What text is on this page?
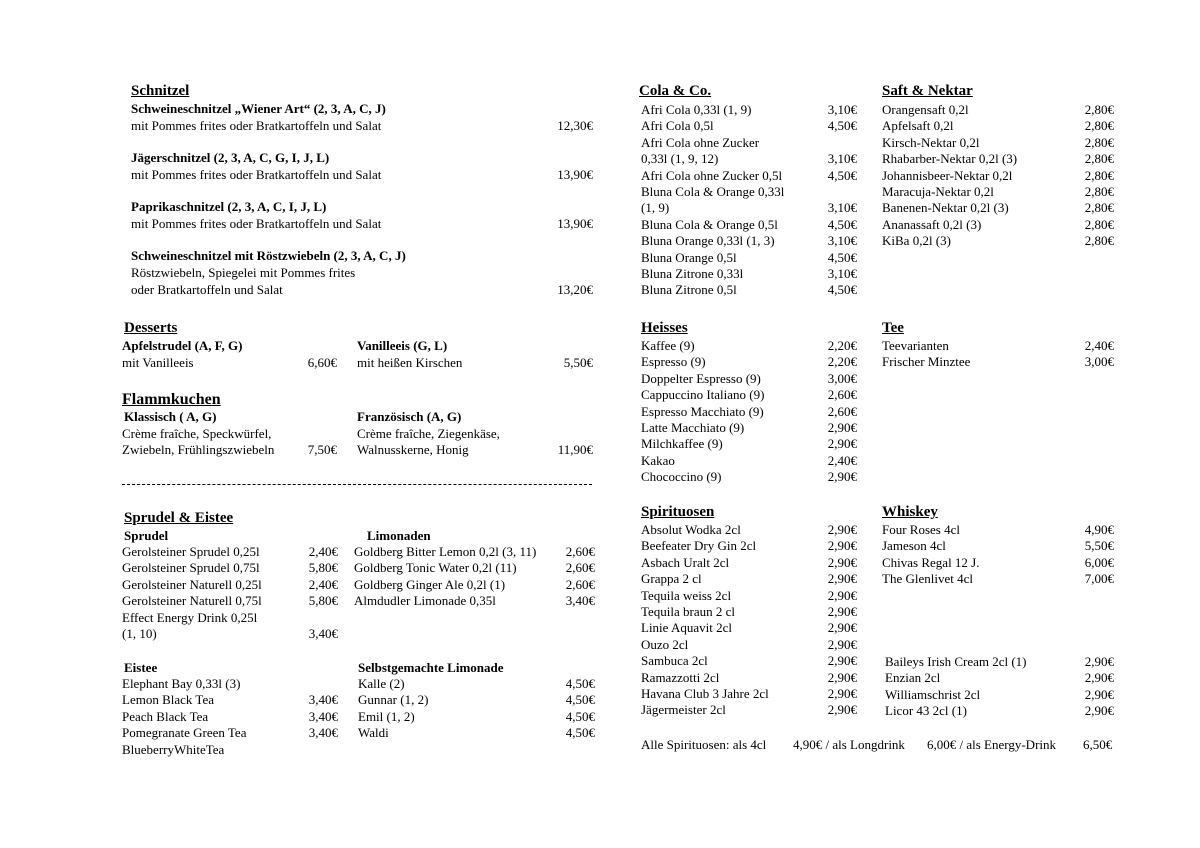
Schnitzel
Schweineschnitzel „Wiener Art“ (2, 3, A, C, J)
mit Pommes frites oder Bratkartoffeln und Salat	12,30€
Jägerschnitzel (2, 3, A, C, G, I, J, L)
mit Pommes frites oder Bratkartoffeln und Salat	13,90€
Paprikaschnitzel (2, 3, A, C, I, J, L)
mit Pommes frites oder Bratkartoffeln und Salat	13,90€
Schweineschnitzel mit Röstzwiebeln (2, 3, A, C, J)
Röstzwiebeln, Spiegelei mit Pommes frites
oder Bratkartoffeln und Salat	13,20€
Desserts
Apfelstrudel (A, F, G)
mit Vanilleeis	6,60€
Vanilleeis (G, L)
mit heißen Kirschen	5,50€
Flammkuchen
Klassisch ( A, G)
Crème fraîche, Speckwürfel,
Zwiebeln, Frühlingszwiebeln	7,50€
Französisch (A, G)
Crème fraîche, Ziegenkäse,
Walnusskerne, Honig	11,90€
Sprudel & Eistee
Sprudel	Limonaden
Gerolsteiner Sprudel 0,25l	2,40€
Gerolsteiner Sprudel 0,75l	5,80€
Gerolsteiner Naturell 0,25l	2,40€
Gerolsteiner Naturell 0,75l	5,80€
Effect Energy Drink 0,25l
(1, 10)	3,40€
Goldberg Bitter Lemon 0,2l (3, 11) 2,60€
Goldberg Tonic Water 0,2l (11)	2,60€
Goldberg Ginger Ale 0,2l (1)	2,60€
Almdudler Limonade 0,35l	3,40€
Eistee	Selbstgemachte Limonade
Elephant Bay 0,33l (3)
Lemon Black Tea	3,40€
Peach Black Tea	3,40€
Pomegranate Green Tea	3,40€
BlueberryWhiteTea
Kalle (2)	4,50€
Gunnar (1, 2)	4,50€
Emil (1, 2)	4,50€
Waldi	4,50€
Cola & Co.
Afri Cola 0,33l (1, 9)	3,10€
Afri Cola 0,5l	4,50€
Afri Cola ohne Zucker
0,33l (1, 9, 12)	3,10€
Afri Cola ohne Zucker 0,5l	4,50€
Bluna Cola & Orange 0,33l
(1, 9)	3,10€
Bluna Cola & Orange 0,5l	4,50€
Bluna Orange 0,33l (1, 3)	3,10€
Bluna Orange 0,5l	4,50€
Bluna Zitrone 0,33l	3,10€
Bluna Zitrone 0,5l	4,50€
Saft & Nektar
Orangensaft 0,2l	2,80€
Apfelsaft 0,2l	2,80€
Kirsch-Nektar 0,2l	2,80€
Rhabarber-Nektar 0,2l (3)	2,80€
Johannisbeer-Nektar 0,2l	2,80€
Maracuja-Nektar 0,2l	2,80€
Banenen-Nektar 0,2l (3)	2,80€
Ananassaft 0,2l (3)	2,80€
KiBa 0,2l (3)	2,80€
Heisses
Kaffee (9)	2,20€
Espresso (9)	2,20€
Doppelter Espresso (9)	3,00€
Cappuccino Italiano (9)	2,60€
Espresso Macchiato (9)	2,60€
Latte Macchiato (9)	2,90€
Milchkaffee (9)	2,90€
Kakao	2,40€
Chococcino (9)	2,90€
Tee
Teevarianten	2,40€
Frischer Minztee	3,00€
Spirituosen
Absolut Wodka 2cl	2,90€
Beefeater Dry Gin 2cl	2,90€
Asbach Uralt 2cl	2,90€
Grappa 2 cl	2,90€
Tequila weiss 2cl	2,90€
Tequila braun 2 cl	2,90€
Linie Aquavit 2cl	2,90€
Ouzo 2cl	2,90€
Sambuca 2cl	2,90€
Ramazzotti 2cl	2,90€
Havana Club 3 Jahre 2cl	2,90€
Jägermeister 2cl	2,90€
Whiskey
Four Roses 4cl	4,90€
Jameson 4cl	5,50€
Chivas Regal 12 J.	6,00€
The Glenlivet 4cl	7,00€
Baileys Irish Cream 2cl (1)	2,90€
Enzian 2cl	2,90€
Williamschrist 2cl	2,90€
Licor 43 2cl (1)	2,90€
Alle Spirituosen: als 4cl 4,90€ / als Longdrink 6,00€ / als Energy-Drink 6,50€
